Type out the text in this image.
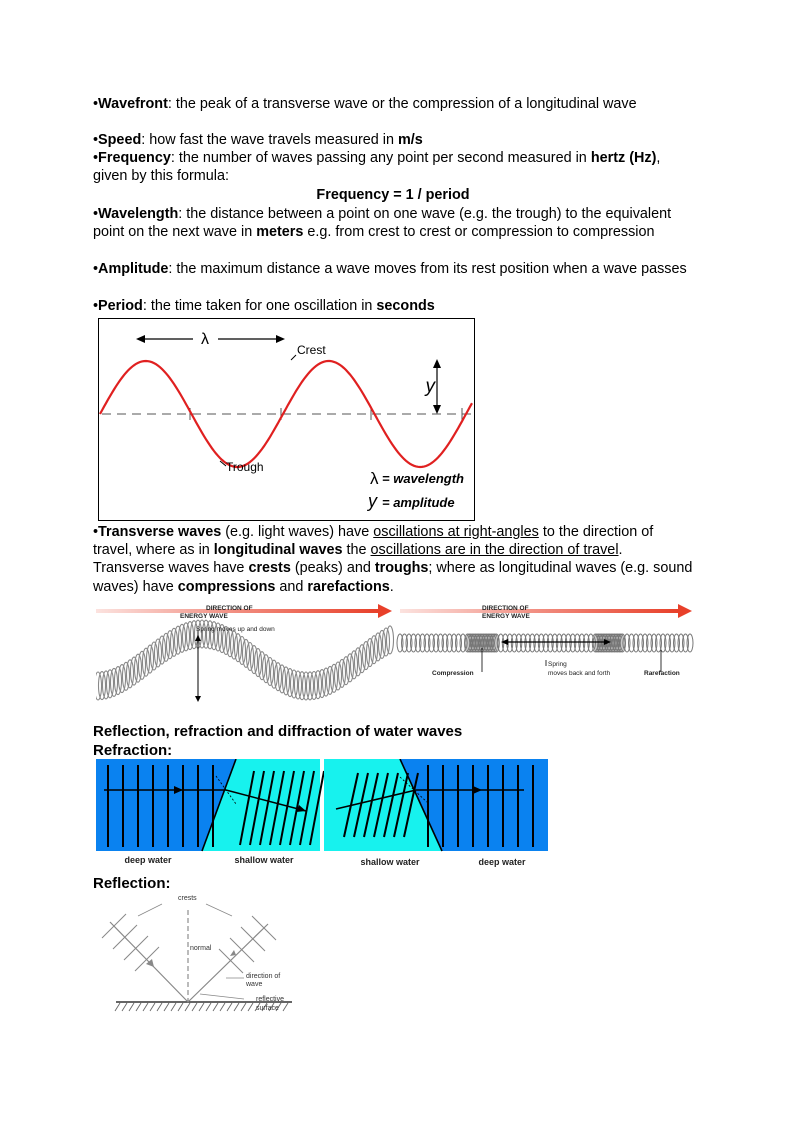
•Wavefront: the peak of a transverse wave or the compression of a longitudinal wave
•Speed: how fast the wave travels measured in m/s
•Frequency: the number of waves passing any point per second measured in hertz (Hz), given by this formula:
Frequency = 1 / period
•Wavelength: the distance between a point on one wave (e.g. the trough) to the equivalent point on the next wave in meters e.g. from crest to crest or compression to compression
•Amplitude: the maximum distance a wave moves from its rest position when a wave passes
•Period: the time taken for one oscillation in seconds
λ
y
Crest
Trough
λ = wavelength
y = amplitude
•Transverse waves (e.g. light waves) have oscillations at right-angles to the direction of travel, where as in longitudinal waves the oscillations are in the direction of travel. Transverse waves have crests (peaks) and troughs; where as longitudinal waves (e.g. sound waves) have compressions and rarefactions.
DIRECTION OF
ENERGY WAVE
DIRECTION OF
ENERGY WAVE
Spring moves up and down
Compression
Spring
moves back and forth	Rarefaction
Reflection, refraction and diffraction of water waves
Refraction:
deep water	shallow water	shallow water	deep water
Reflection:
crests
normal
direction of
wave
reflective
surface
